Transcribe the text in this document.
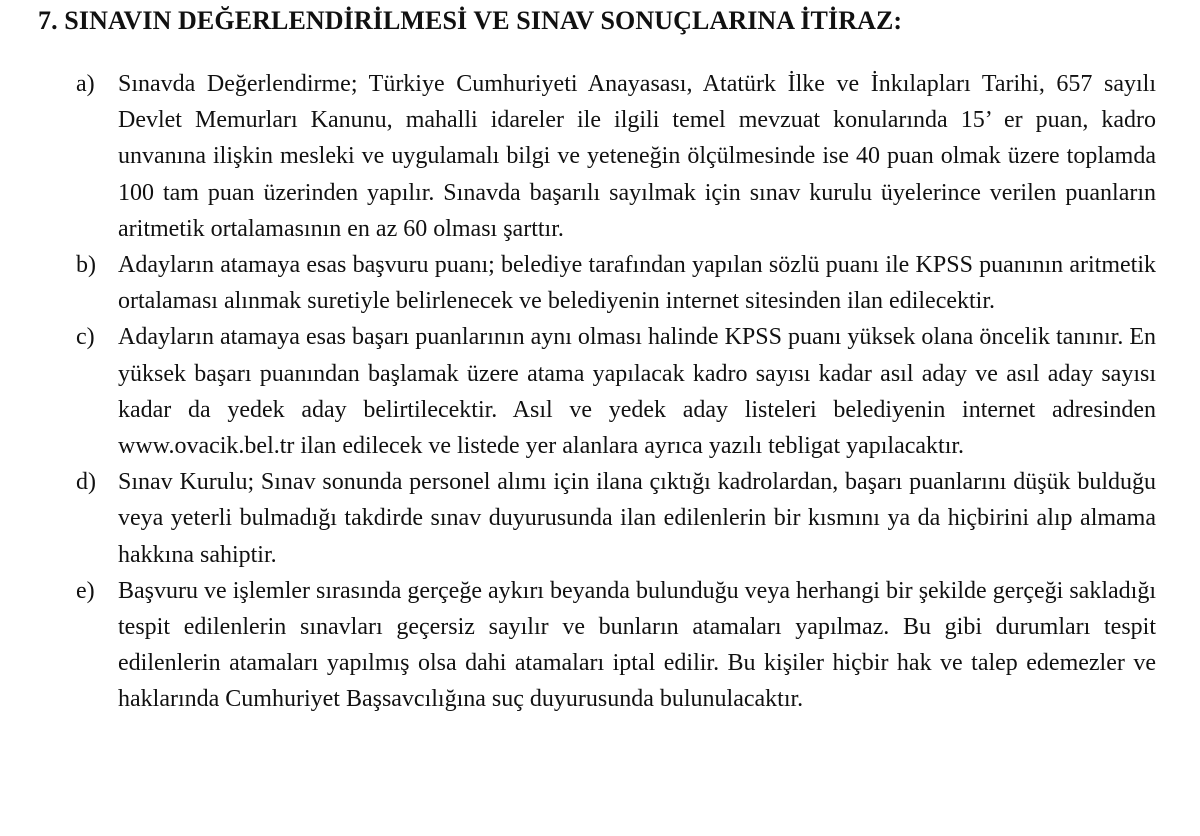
7. SINAVIN DEĞERLENDİRİLMESİ VE SINAV SONUÇLARINA İTİRAZ:
a) Sınavda Değerlendirme; Türkiye Cumhuriyeti Anayasası, Atatürk İlke ve İnkılapları Tarihi, 657 sayılı Devlet Memurları Kanunu, mahalli idareler ile ilgili temel mevzuat konularında 15’ er puan, kadro unvanına ilişkin mesleki ve uygulamalı bilgi ve yeteneğin ölçülmesinde ise 40 puan olmak üzere toplamda 100 tam puan üzerinden yapılır. Sınavda başarılı sayılmak için sınav kurulu üyelerince verilen puanların aritmetik ortalamasının en az 60 olması şarttır.
b) Adayların atamaya esas başvuru puanı; belediye tarafından yapılan sözlü puanı ile KPSS puanının aritmetik ortalaması alınmak suretiyle belirlenecek ve belediyenin internet sitesinden ilan edilecektir.
c) Adayların atamaya esas başarı puanlarının aynı olması halinde KPSS puanı yüksek olana öncelik tanınır. En yüksek başarı puanından başlamak üzere atama yapılacak kadro sayısı kadar asıl aday ve asıl aday sayısı kadar da yedek aday belirtilecektir. Asıl ve yedek aday listeleri belediyenin internet adresinden www.ovacik.bel.tr ilan edilecek ve listede yer alanlara ayrıca yazılı tebligat yapılacaktır.
d) Sınav Kurulu; Sınav sonunda personel alımı için ilana çıktığı kadrolardan, başarı puanlarını düşük bulduğu veya yeterli bulmadığı takdirde sınav duyurusunda ilan edilenlerin bir kısmını ya da hiçbirini alıp almama hakkına sahiptir.
e) Başvuru ve işlemler sırasında gerçeğe aykırı beyanda bulunduğu veya herhangi bir şekilde gerçeği sakladığı tespit edilenlerin sınavları geçersiz sayılır ve bunların atamaları yapılmaz. Bu gibi durumları tespit edilenlerin atamaları yapılmış olsa dahi atamaları iptal edilir. Bu kişiler hiçbir hak ve talep edemezler ve haklarında Cumhuriyet Başsavcılığına suç duyurusunda bulunulacaktır.
